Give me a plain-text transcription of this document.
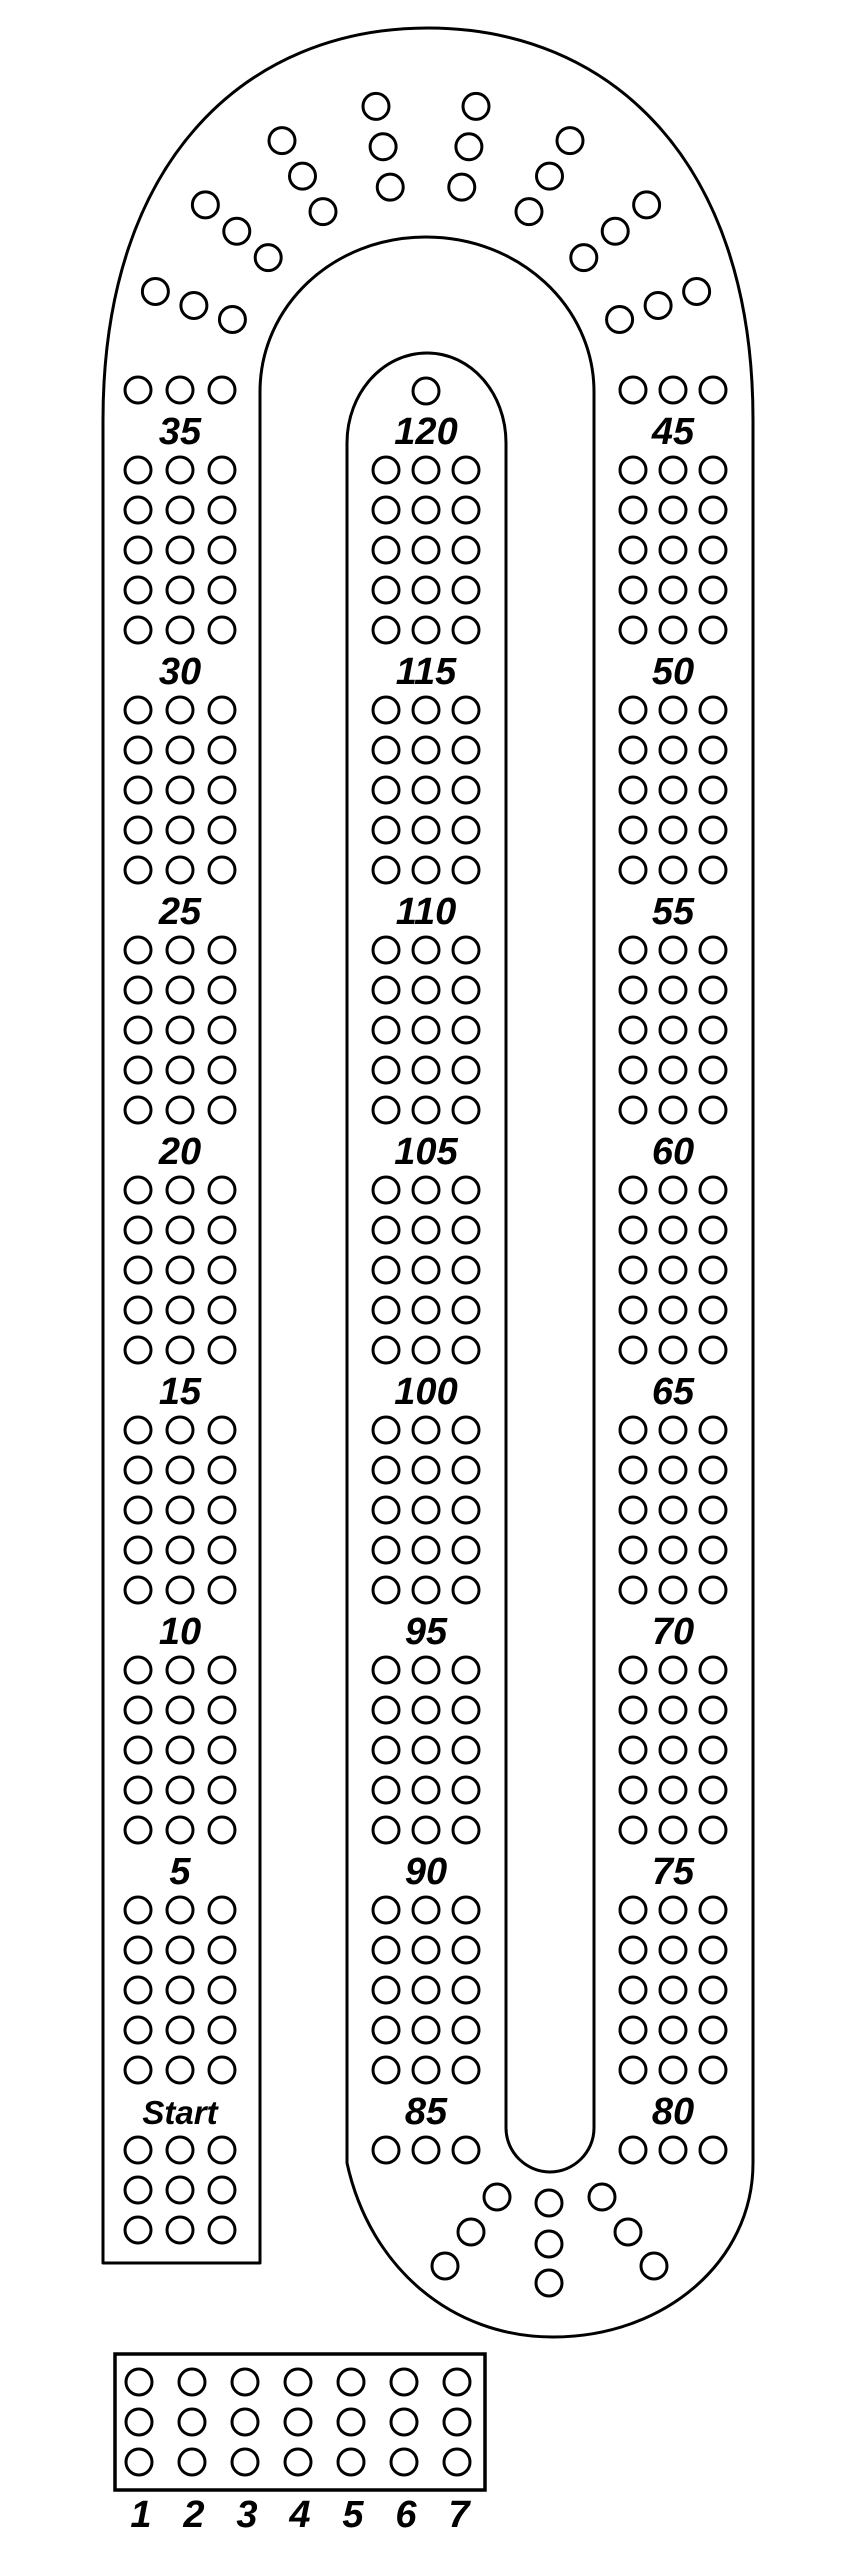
35
30
25
20
15
10
5
Start
120
115
110
105
100
95
90
85
45
50
55
60
65
70
75
80
1 2 3 4 5 6 7
